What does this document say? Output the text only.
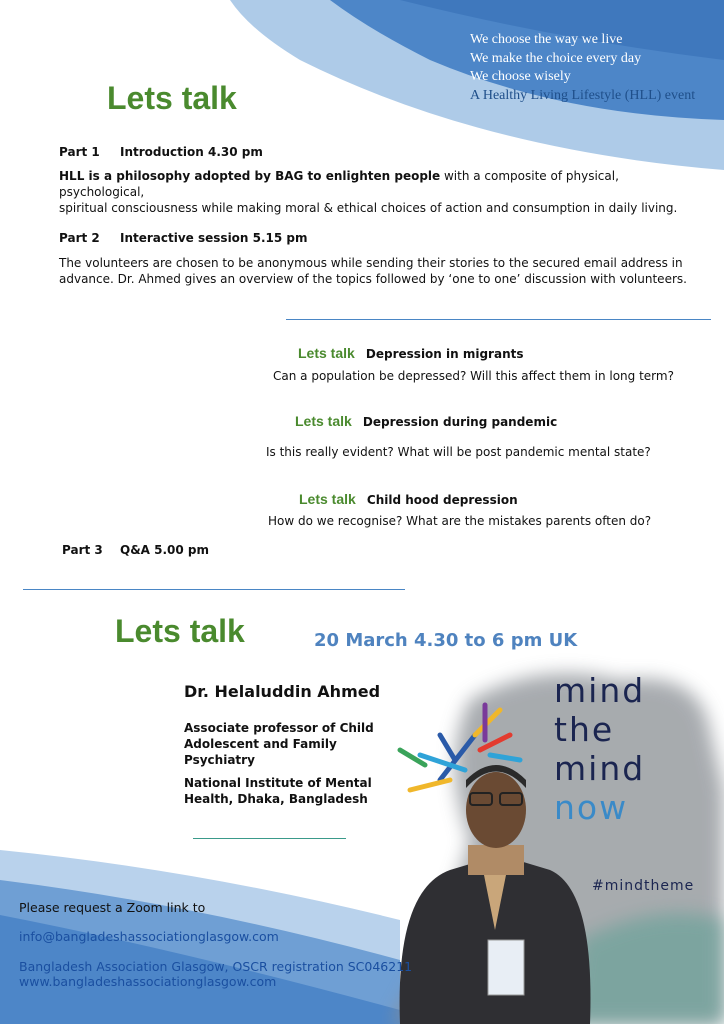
We choose the way we live
We make the choice every day
We choose wisely
A Healthy Living Lifestyle (HLL) event
Lets talk
Part 1 Introduction 4.30 pm
HLL is a philosophy adopted by BAG to enlighten people with a composite of physical, psychological,
spiritual consciousness while making moral & ethical choices of action and consumption in daily living.
Part 2 Interactive session 5.15 pm
The volunteers are chosen to be anonymous while sending their stories to the secured email address in
advance. Dr. Ahmed gives an overview of the topics followed by ‘one to one’ discussion with volunteers.
Lets talk Depression in migrants
Can a population be depressed? Will this affect them in long term?
Lets talk Depression during pandemic
Is this really evident? What will be post pandemic mental state?
Lets talk Child hood depression
How do we recognise? What are the mistakes parents often do?
Part 3 Q&A 5.00 pm
Lets talk	20 March 4.30 to 6 pm UK
Dr. Helaluddin Ahmed
Associate professor of Child
Adolescent and Family
Psychiatry
National Institute of Mental
Health, Dhaka, Bangladesh
mind
the
mind
now
#mindtheme
Please request a Zoom link to
info@bangladeshassociationglasgow.com
Bangladesh Association Glasgow, OSCR registration SC046211
www.bangladeshassociationglasgow.com
